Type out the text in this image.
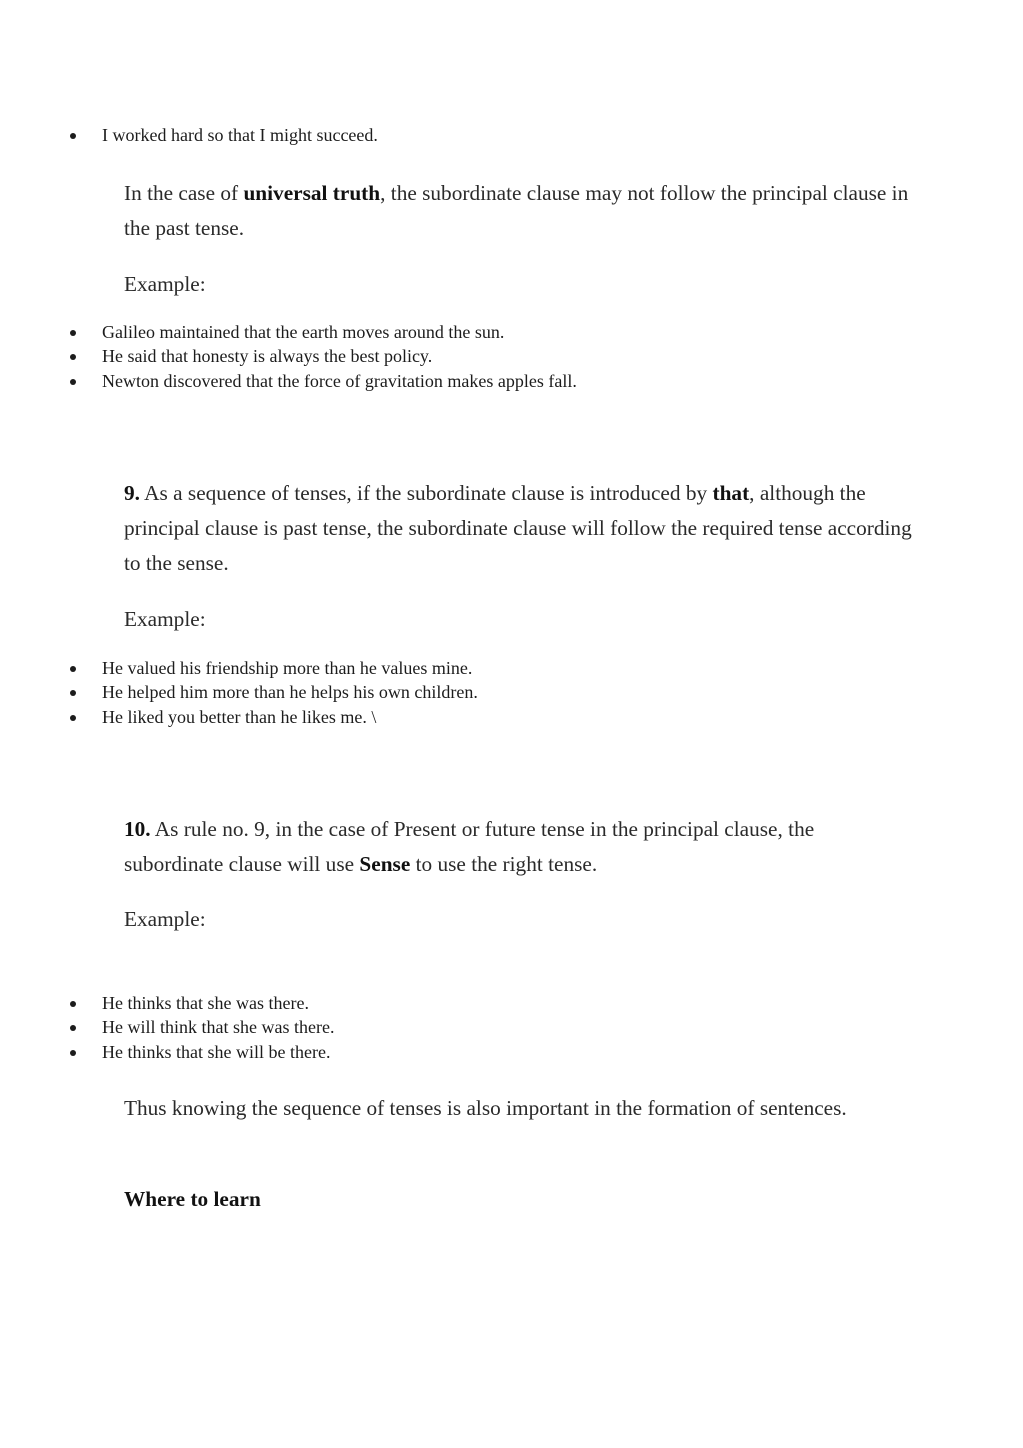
I worked hard so that I might succeed.

In the case of universal truth, the subordinate clause may not follow the principal clause in the past tense.

Example:

Galileo maintained that the earth moves around the sun.
He said that honesty is always the best policy.
Newton discovered that the force of gravitation makes apples fall.

9. As a sequence of tenses, if the subordinate clause is introduced by that, although the principal clause is past tense, the subordinate clause will follow the required tense according to the sense.

Example:

He valued his friendship more than he values mine.
He helped him more than he helps his own children.
He liked you better than he likes me. \

10. As rule no. 9, in the case of Present or future tense in the principal clause, the subordinate clause will use Sense to use the right tense.

Example:

He thinks that she was there.
He will think that she was there.
He thinks that she will be there.

Thus knowing the sequence of tenses is also important in the formation of sentences.

Where to learn
